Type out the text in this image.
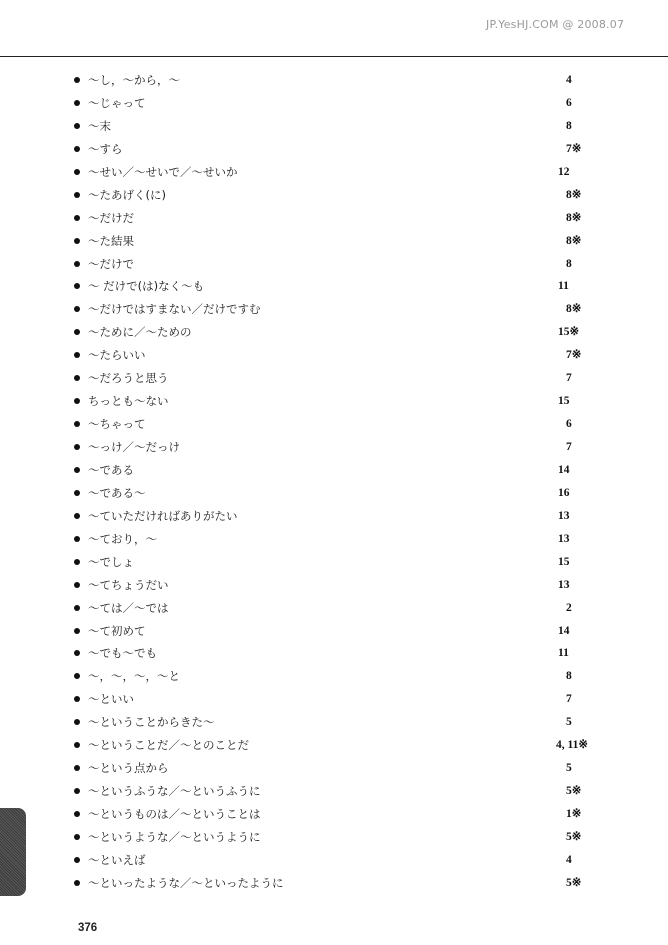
JP.YesHJ.COM @ 2008.07
～し，～から，～	4
～じゃって	6
～末	8
～すら	7※
～せい／～せいで／～せいか	12
～たあげく(に)	8※
～だけだ	8※
～た結果	8※
～だけで	8
～ だけで(は)なく～も	11
～だけではすまない／だけですむ	8※
～ために／～ための	15※
～たらいい	7※
～だろうと思う	7
ちっとも～ない	15
～ちゃって	6
～っけ／～だっけ	7
～である	14
～である～	16
～ていただければありがたい	13
～ており，～	13
～でしょ	15
～てちょうだい	13
～ては／～では	2
～て初めて	14
～でも～でも	11
～，～，～，～と	8
～といい	7
～ということからきた～	5
～ということだ／～とのことだ	4, 11※
～という点から	5
～というふうな／～というふうに	5※
～というものは／～ということは	1※
～というような／～というように	5※
～といえば	4
～といったような／～といったように	5※
376
